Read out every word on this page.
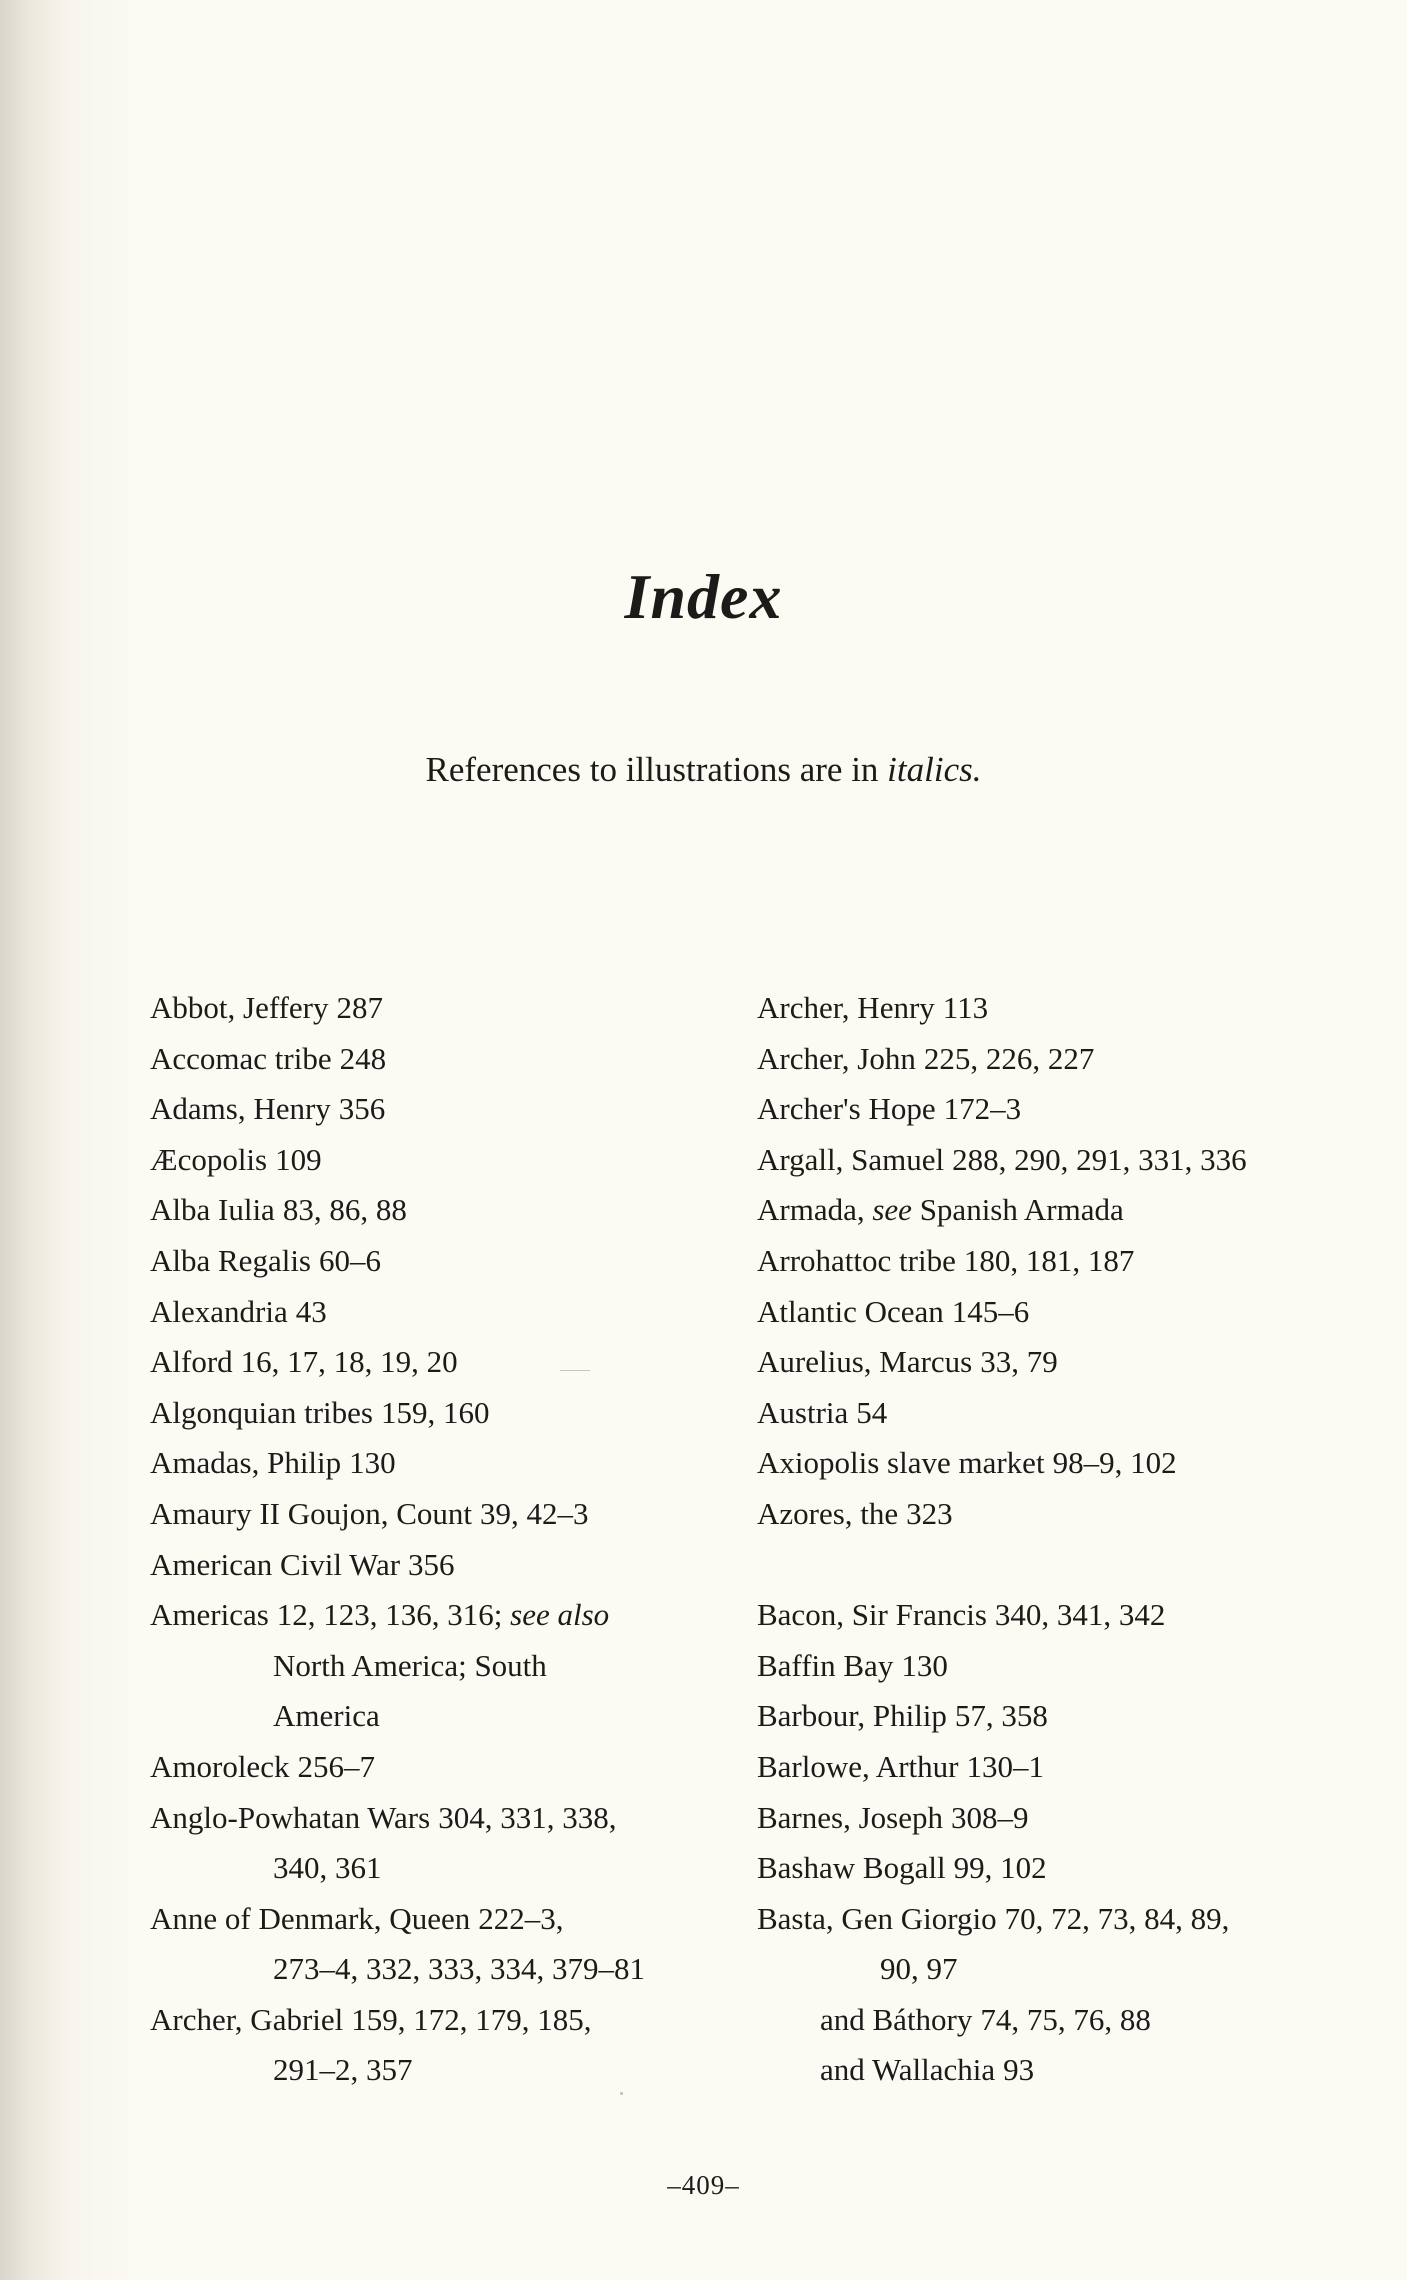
Index
References to illustrations are in italics.
Abbot, Jeffery 287
Accomac tribe 248
Adams, Henry 356
Æcopolis 109
Alba Iulia 83, 86, 88
Alba Regalis 60–6
Alexandria 43
Alford 16, 17, 18, 19, 20
Algonquian tribes 159, 160
Amadas, Philip 130
Amaury II Goujon, Count 39, 42–3
American Civil War 356
Americas 12, 123, 136, 316; see also
North America; South
America
Amoroleck 256–7
Anglo-Powhatan Wars 304, 331, 338,
340, 361
Anne of Denmark, Queen 222–3,
273–4, 332, 333, 334, 379–81
Archer, Gabriel 159, 172, 179, 185,
291–2, 357
Archer, Henry 113
Archer, John 225, 226, 227
Archer's Hope 172–3
Argall, Samuel 288, 290, 291, 331, 336
Armada, see Spanish Armada
Arrohattoc tribe 180, 181, 187
Atlantic Ocean 145–6
Aurelius, Marcus 33, 79
Austria 54
Axiopolis slave market 98–9, 102
Azores, the 323
Bacon, Sir Francis 340, 341, 342
Baffin Bay 130
Barbour, Philip 57, 358
Barlowe, Arthur 130–1
Barnes, Joseph 308–9
Bashaw Bogall 99, 102
Basta, Gen Giorgio 70, 72, 73, 84, 89,
90, 97
and Báthory 74, 75, 76, 88
and Wallachia 93
–409–
